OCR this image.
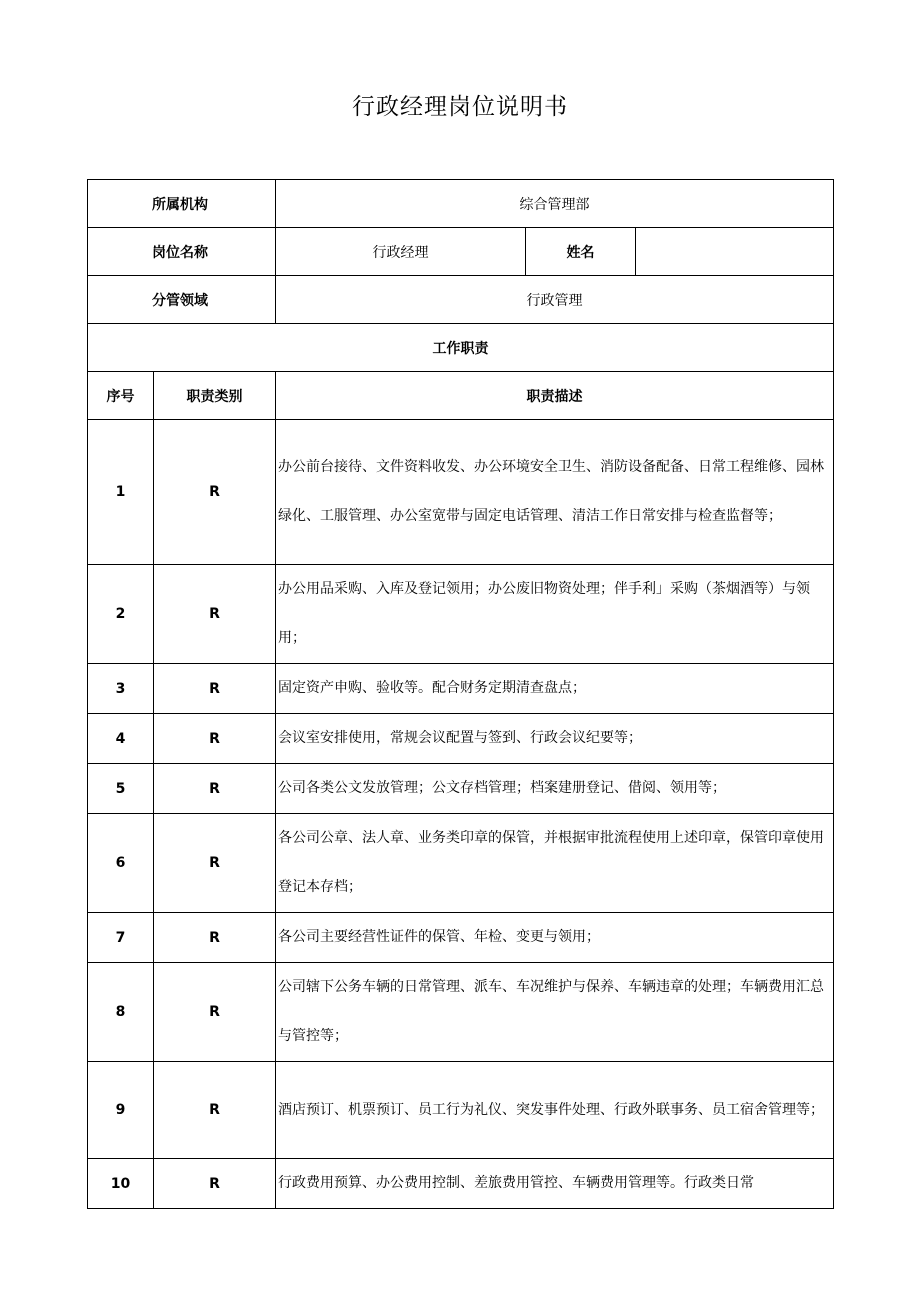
行政经理岗位说明书
所属机构		综合管理部		
岗位名称		行政经理	姓名	
分管领域		行政管理		
工作职责				
序号	职责类别	职责描述		
1	R	办公前台接待、文件资料收发、办公环境安全卫生、消防设备配备、日常工程维修、园林绿化、工服管理、办公室宽带与固定电话管理、清洁工作日常安排与检查监督等；		
2	R	办公用品采购、入库及登记领用；办公废旧物资处理；伴手利」采购（茶烟酒等）与领用；		
3	R	固定资产申购、验收等。配合财务定期清查盘点；		
4	R	会议室安排使用，常规会议配置与签到、行政会议纪要等；		
5	R	公司各类公文发放管理；公文存档管理；档案建册登记、借阅、领用等；		
6	R	各公司公章、法人章、业务类印章的保管，并根据审批流程使用上述印章，保管印章使用登记本存档；		
7	R	各公司主要经营性证件的保管、年检、变更与领用；		
8	R	公司辖下公务车辆的日常管理、派车、车况维护与保养、车辆违章的处理；车辆费用汇总与管控等；		
9	R	酒店预订、机票预订、员工行为礼仪、突发事件处理、行政外联事务、员工宿舍管理等；		
10	R	行政费用预算、办公费用控制、差旅费用管控、车辆费用管理等。行政类日常		
